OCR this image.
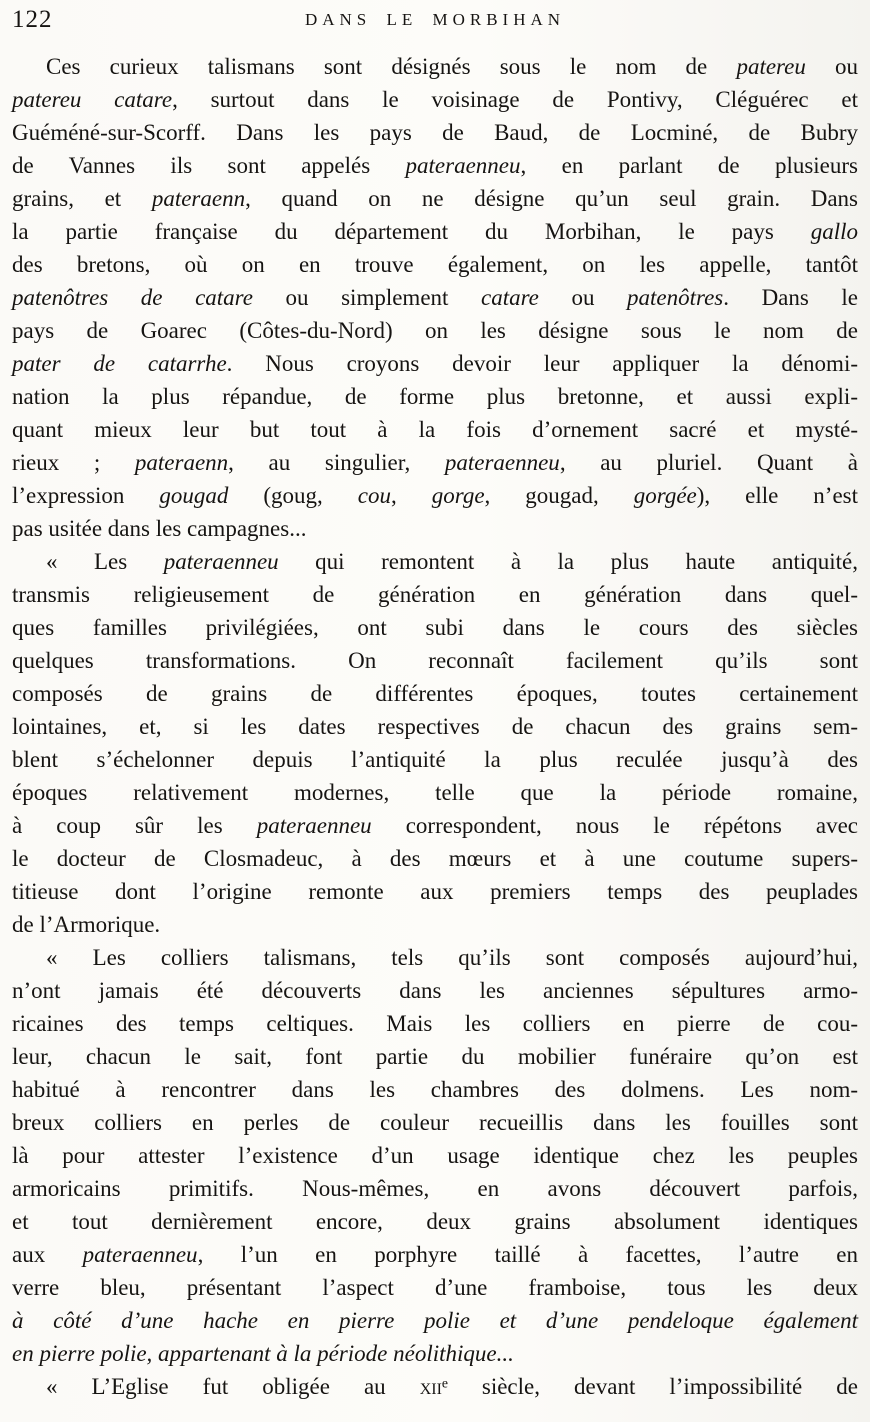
122	DANS LE MORBIHAN

Ces curieux talismans sont désignés sous le nom de patereu ou
patereu catare, surtout dans le voisinage de Pontivy, Cléguérec et
Guéméné-sur-Scorff. Dans les pays de Baud, de Locminé, de Bubry
de Vannes ils sont appelés pateraenneu, en parlant de plusieurs
grains, et pateraenn, quand on ne désigne qu’un seul grain. Dans
la partie française du département du Morbihan, le pays gallo
des bretons, où on en trouve également, on les appelle, tantôt
patenôtres de catare ou simplement catare ou patenôtres. Dans le
pays de Goarec (Côtes-du-Nord) on les désigne sous le nom de
pater de catarrhe. Nous croyons devoir leur appliquer la dénomi-
nation la plus répandue, de forme plus bretonne, et aussi expli-
quant mieux leur but tout à la fois d’ornement sacré et mysté-
rieux ; pateraenn, au singulier, pateraenneu, au pluriel. Quant à
l’expression gougad (goug, cou, gorge, gougad, gorgée), elle n’est
pas usitée dans les campagnes...

« Les pateraenneu qui remontent à la plus haute antiquité,
transmis religieusement de génération en génération dans quel-
ques familles privilégiées, ont subi dans le cours des siècles
quelques transformations. On reconnaît facilement qu’ils sont
composés de grains de différentes époques, toutes certainement
lointaines, et, si les dates respectives de chacun des grains sem-
blent s’échelonner depuis l’antiquité la plus reculée jusqu’à des
époques relativement modernes, telle que la période romaine,
à coup sûr les pateraenneu correspondent, nous le répétons avec
le docteur de Closmadeuc, à des mœurs et à une coutume supers-
titieuse dont l’origine remonte aux premiers temps des peuplades
de l’Armorique.

« Les colliers talismans, tels qu’ils sont composés aujourd’hui,
n’ont jamais été découverts dans les anciennes sépultures armo-
ricaines des temps celtiques. Mais les colliers en pierre de cou-
leur, chacun le sait, font partie du mobilier funéraire qu’on est
habitué à rencontrer dans les chambres des dolmens. Les nom-
breux colliers en perles de couleur recueillis dans les fouilles sont
là pour attester l’existence d’un usage identique chez les peuples
armoricains primitifs. Nous-mêmes, en avons découvert parfois,
et tout dernièrement encore, deux grains absolument identiques
aux pateraenneu, l’un en porphyre taillé à facettes, l’autre en
verre bleu, présentant l’aspect d’une framboise, tous les deux
à côté d’une hache en pierre polie et d’une pendeloque également
en pierre polie, appartenant à la période néolithique...

« L’Eglise fut obligée au xiiᵉ siècle, devant l’impossibilité de
